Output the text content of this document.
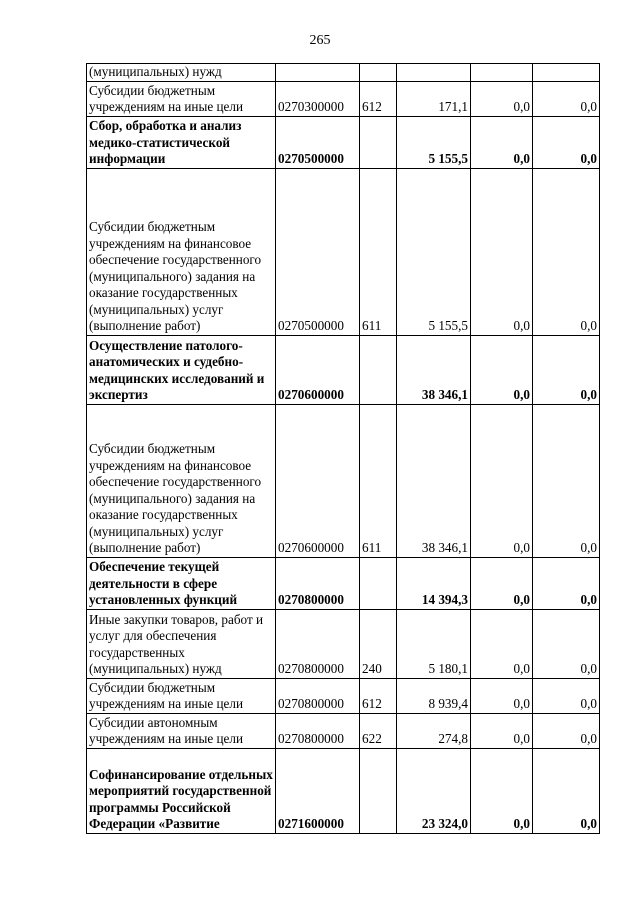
265
(муниципальных) нужд					
Субсидии бюджетным учреждениям на иные цели	0270300000	612	171,1	0,0	0,0
Сбор, обработка и анализ медико-статистической информации	0270500000		5 155,5	0,0	0,0
Субсидии бюджетным учреждениям на финансовое обеспечение государственного (муниципального) задания на оказание государственных (муниципальных) услуг (выполнение работ)	0270500000	611	5 155,5	0,0	0,0
Осуществление патолого-анатомических и судебно-медицинских исследований и экспертиз	0270600000		38 346,1	0,0	0,0
Субсидии бюджетным учреждениям на финансовое обеспечение государственного (муниципального) задания на оказание государственных (муниципальных) услуг (выполнение работ)	0270600000	611	38 346,1	0,0	0,0
Обеспечение текущей деятельности в сфере установленных функций	0270800000		14 394,3	0,0	0,0
Иные закупки товаров, работ и услуг для обеспечения государственных (муниципальных) нужд	0270800000	240	5 180,1	0,0	0,0
Субсидии бюджетным учреждениям на иные цели	0270800000	612	8 939,4	0,0	0,0
Субсидии автономным учреждениям на иные цели	0270800000	622	274,8	0,0	0,0
Софинансирование отдельных мероприятий государственной программы Российской Федерации «Развитие	0271600000		23 324,0	0,0	0,0
